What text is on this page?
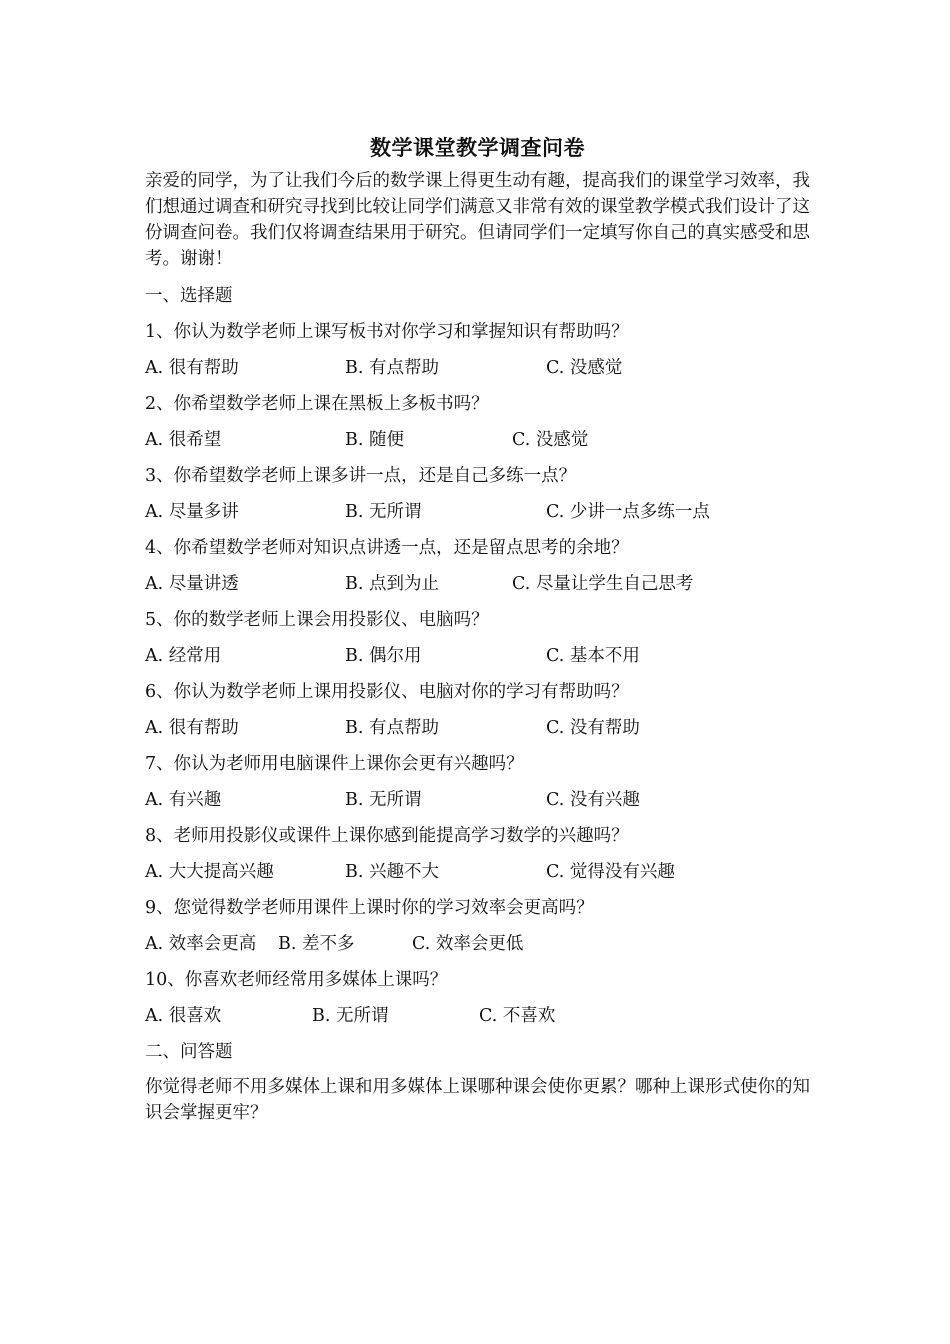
数学课堂教学调查问卷

亲爱的同学，为了让我们今后的数学课上得更生动有趣，提高我们的课堂学习效率，我们想通过调查和研究寻找到比较让同学们满意又非常有效的课堂教学模式我们设计了这份调查问卷。我们仅将调查结果用于研究。但请同学们一定填写你自己的真实感受和思考。谢谢！

一、选择题

1、你认为数学老师上课写板书对你学习和掌握知识有帮助吗？

A. 很有帮助	B. 有点帮助	C. 没感觉

2、你希望数学老师上课在黑板上多板书吗？

A. 很希望	B. 随便	C. 没感觉

3、你希望数学老师上课多讲一点，还是自己多练一点？

A. 尽量多讲	B. 无所谓	C. 少讲一点多练一点

4、你希望数学老师对知识点讲透一点，还是留点思考的余地？

A. 尽量讲透	B. 点到为止	C. 尽量让学生自己思考

5、你的数学老师上课会用投影仪、电脑吗？

A. 经常用	B. 偶尔用	C. 基本不用

6、你认为数学老师上课用投影仪、电脑对你的学习有帮助吗？

A. 很有帮助	B. 有点帮助	C. 没有帮助

7、你认为老师用电脑课件上课你会更有兴趣吗？

A. 有兴趣	B. 无所谓	C. 没有兴趣

8、老师用投影仪或课件上课你感到能提高学习数学的兴趣吗？

A. 大大提高兴趣	B. 兴趣不大	C. 觉得没有兴趣

9、您觉得数学老师用课件上课时你的学习效率会更高吗？

A. 效率会更高 B. 差不多	C. 效率会更低

10、你喜欢老师经常用多媒体上课吗？

A. 很喜欢	B. 无所谓	C. 不喜欢

二、问答题

你觉得老师不用多媒体上课和用多媒体上课哪种课会使你更累？哪种上课形式使你的知识会掌握更牢？
